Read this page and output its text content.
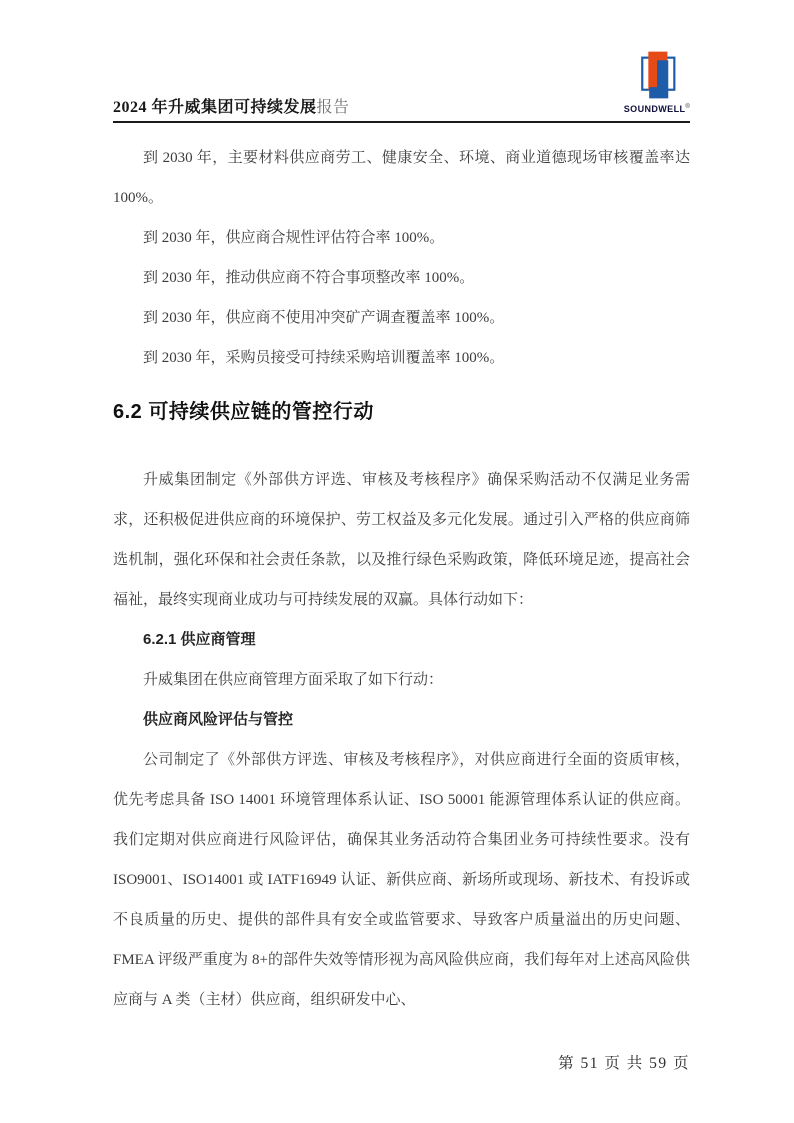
2024 年升威集团可持续发展报告	SOUNDWELL®

到 2030 年，主要材料供应商劳工、健康安全、环境、商业道德现场审核覆盖率达 100%。

到 2030 年，供应商合规性评估符合率 100%。

到 2030 年，推动供应商不符合事项整改率 100%。

到 2030 年，供应商不使用冲突矿产调查覆盖率 100%。

到 2030 年，采购员接受可持续采购培训覆盖率 100%。

6.2 可持续供应链的管控行动

升威集团制定《外部供方评选、审核及考核程序》确保采购活动不仅满足业务需求，还积极促进供应商的环境保护、劳工权益及多元化发展。通过引入严格的供应商筛选机制，强化环保和社会责任条款，以及推行绿色采购政策，降低环境足迹，提高社会福祉，最终实现商业成功与可持续发展的双赢。具体行动如下：

6.2.1 供应商管理

升威集团在供应商管理方面采取了如下行动：

供应商风险评估与管控

公司制定了《外部供方评选、审核及考核程序》，对供应商进行全面的资质审核，优先考虑具备 ISO 14001 环境管理体系认证、ISO 50001 能源管理体系认证的供应商。我们定期对供应商进行风险评估，确保其业务活动符合集团业务可持续性要求。没有 ISO9001、ISO14001 或 IATF16949 认证、新供应商、新场所或现场、新技术、有投诉或不良质量的历史、提供的部件具有安全或监管要求、导致客户质量溢出的历史问题、FMEA 评级严重度为 8+的部件失效等情形视为高风险供应商，我们每年对上述高风险供应商与 A 类（主材）供应商，组织研发中心、

第 51 页 共 59 页
